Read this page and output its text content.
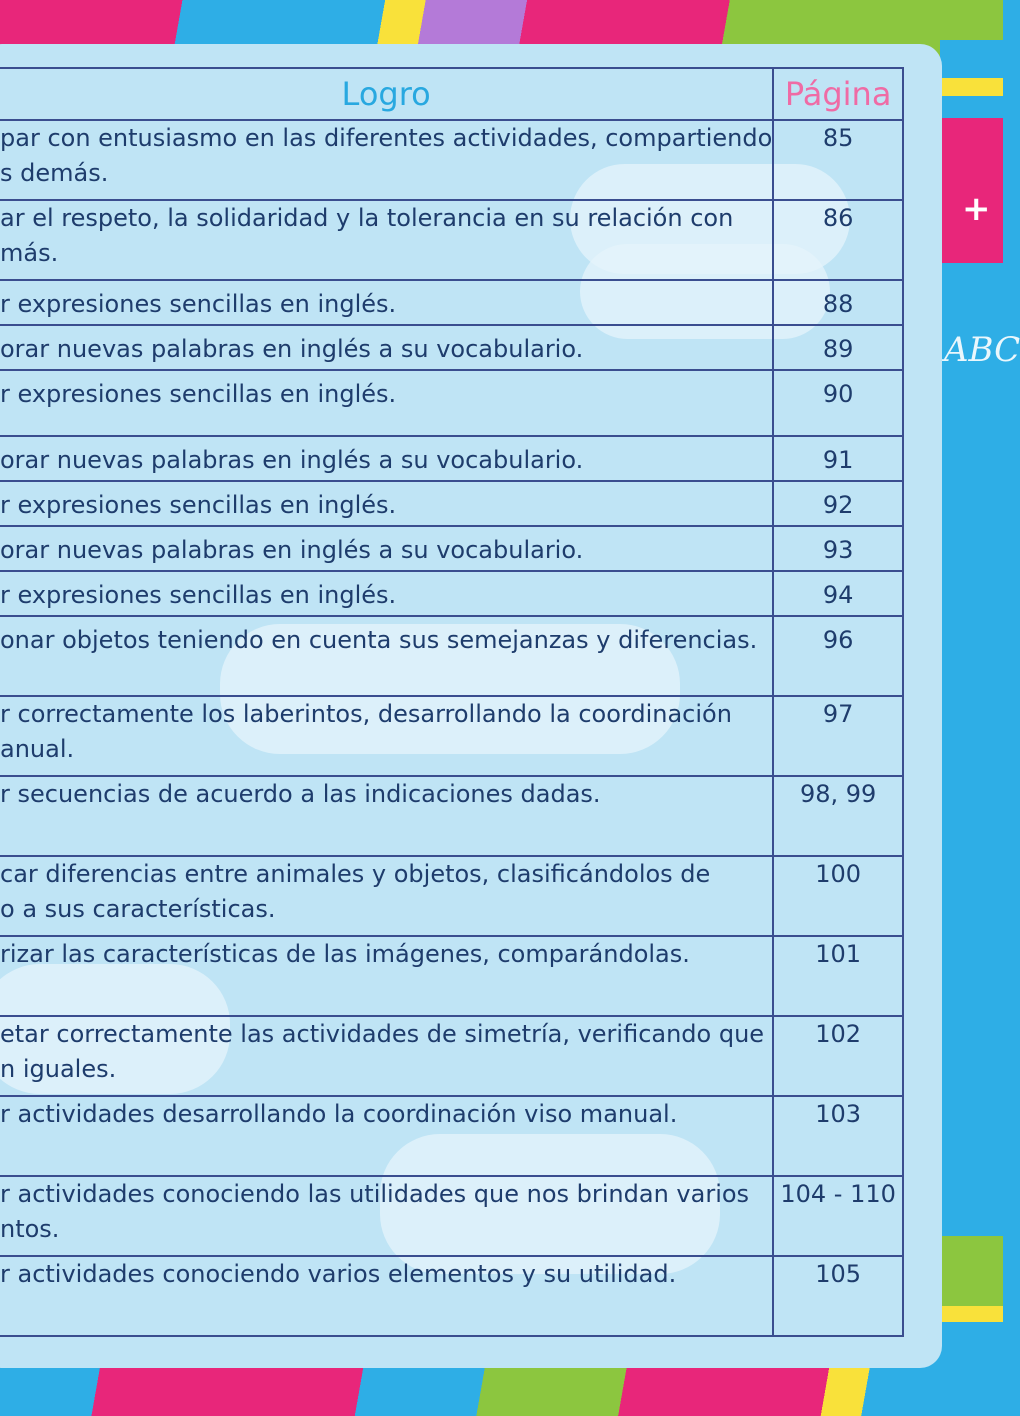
+
ABC
Logro	Página

par con entusiasmo en las diferentes actividades, compartiendo
s demás.	85

ar el respeto, la solidaridad y la tolerancia en su relación con
más.	86
r expresiones sencillas en inglés.	88
orar nuevas palabras en inglés a su vocabulario.	89
r expresiones sencillas en inglés.	90
orar nuevas palabras en inglés a su vocabulario.	91
r expresiones sencillas en inglés.	92
orar nuevas palabras en inglés a su vocabulario.	93
r expresiones sencillas en inglés.	94

onar objetos teniendo en cuenta sus semejanzas y diferencias.	96

r correctamente los laberintos, desarrollando la coordinación
anual.	97

r secuencias de acuerdo a las indicaciones dadas.	98, 99

car diferencias entre animales y objetos, clasificándolos de
o a sus características.	100

rizar las características de las imágenes, comparándolas.	101

etar correctamente las actividades de simetría, verificando que
n iguales.	102

r actividades desarrollando la coordinación viso manual.	103

r actividades conociendo las utilidades que nos brindan varios
ntos.	104 - 110

r actividades conociendo varios elementos y su utilidad.	105
